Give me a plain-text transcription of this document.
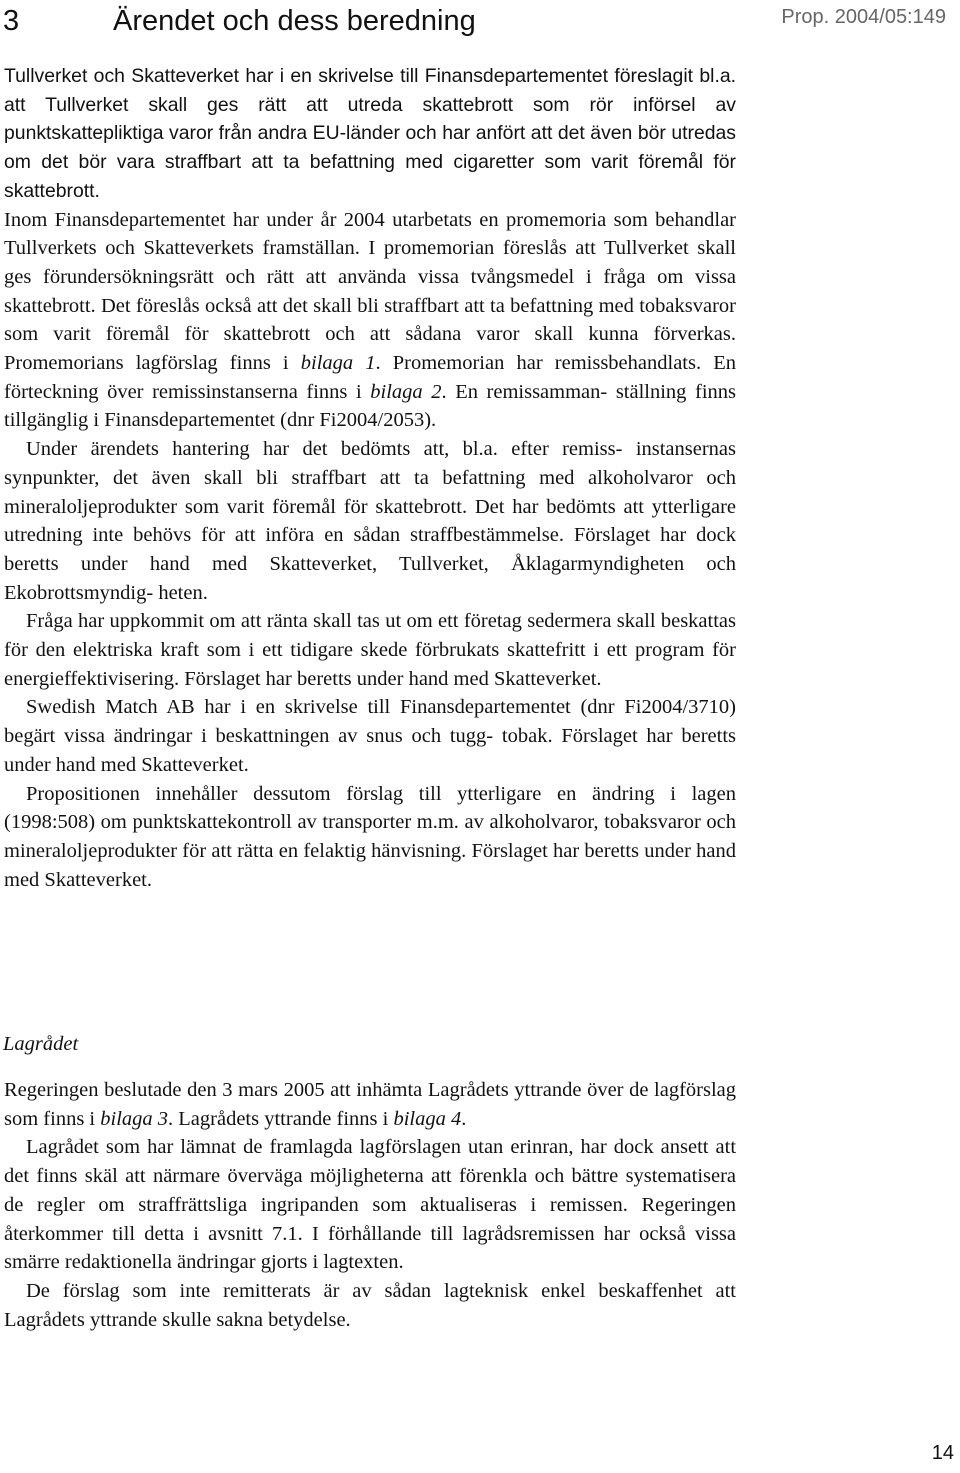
3	Ärendet och dess beredning	Prop. 2004/05:149

Tullverket och Skatteverket har i en skrivelse till Finansdepartementet föreslagit bl.a. att Tullverket skall ges rätt att utreda skattebrott som rör införsel av punktskattepliktiga varor från andra EU-länder och har anfört att det även bör utredas om det bör vara straffbart att ta befattning med cigaretter som varit föremål för skattebrott.

Inom Finansdepartementet har under år 2004 utarbetats en promemoria som behandlar Tullverkets och Skatteverkets framställan. I promemorian föreslås att Tullverket skall ges förundersökningsrätt och rätt att använda vissa tvångsmedel i fråga om vissa skattebrott. Det föreslås också att det skall bli straffbart att ta befattning med tobaksvaror som varit föremål för skattebrott och att sådana varor skall kunna förverkas. Promemorians lagförslag finns i bilaga 1. Promemorian har remissbehandlats. En förteckning över remissinstanserna finns i bilaga 2. En remissamman- ställning finns tillgänglig i Finansdepartementet (dnr Fi2004/2053).

Under ärendets hantering har det bedömts att, bl.a. efter remiss- instansernas synpunkter, det även skall bli straffbart att ta befattning med alkoholvaror och mineraloljeprodukter som varit föremål för skattebrott. Det har bedömts att ytterligare utredning inte behövs för att införa en sådan straffbestämmelse. Förslaget har dock beretts under hand med Skatteverket, Tullverket, Åklagarmyndigheten och Ekobrottsmyndig- heten.

Fråga har uppkommit om att ränta skall tas ut om ett företag sedermera skall beskattas för den elektriska kraft som i ett tidigare skede förbrukats skattefritt i ett program för energieffektivisering. Förslaget har beretts under hand med Skatteverket.

Swedish Match AB har i en skrivelse till Finansdepartementet (dnr Fi2004/3710) begärt vissa ändringar i beskattningen av snus och tugg- tobak. Förslaget har beretts under hand med Skatteverket.

Propositionen innehåller dessutom förslag till ytterligare en ändring i lagen (1998:508) om punktskattekontroll av transporter m.m. av alkoholvaror, tobaksvaror och mineraloljeprodukter för att rätta en felaktig hänvisning. Förslaget har beretts under hand med Skatteverket.

Lagrådet

Regeringen beslutade den 3 mars 2005 att inhämta Lagrådets yttrande över de lagförslag som finns i bilaga 3. Lagrådets yttrande finns i bilaga 4.

Lagrådet som har lämnat de framlagda lagförslagen utan erinran, har dock ansett att det finns skäl att närmare överväga möjligheterna att förenkla och bättre systematisera de regler om straffrättsliga ingripanden som aktualiseras i remissen. Regeringen återkommer till detta i avsnitt 7.1. I förhållande till lagrådsremissen har också vissa smärre redaktionella ändringar gjorts i lagtexten.

De förslag som inte remitterats är av sådan lagteknisk enkel beskaffenhet att Lagrådets yttrande skulle sakna betydelse.

14
